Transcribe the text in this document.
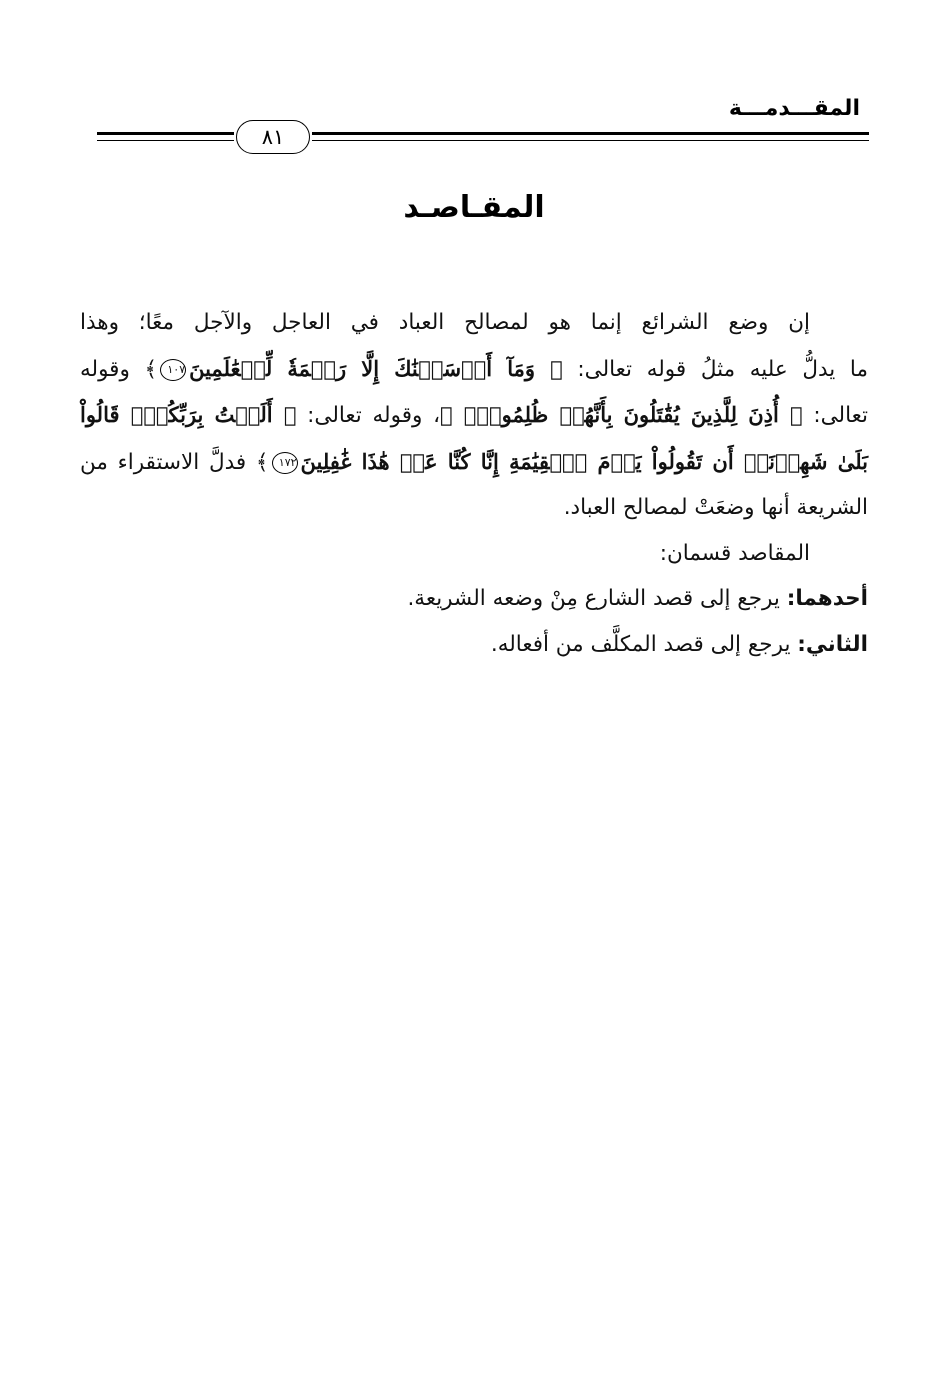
المقـــدمـــة
٨١
المقـاصـد
إن وضع الشرائع إنما هو لمصالح العباد في العاجل والآجل معًا؛ وهذا
ما يدلُّ عليه مثلُ قوله تعالى: ﴿ وَمَآ أَرۡسَلۡنَٰكَ إِلَّا رَحۡمَةٗ لِّلۡعَٰلَمِينَ١٠٧﴾ وقوله
تعالى: ﴿ أُذِنَ لِلَّذِينَ يُقَٰتَلُونَ بِأَنَّهُمۡ ظُلِمُواْۚ ﴾، وقوله تعالى: ﴿ أَلَسۡتُ بِرَبِّكُمۡۖ قَالُواْ
بَلَىٰ شَهِدۡنَآۚ أَن تَقُولُواْ يَوۡمَ ٱلۡقِيَٰمَةِ إِنَّا كُنَّا عَنۡ هَٰذَا غَٰفِلِينَ١٧٢﴾ فدلَّ الاستقراء من
الشريعة أنها وضعَتْ لمصالح العباد.
المقاصد قسمان:
أحدهما: يرجع إلى قصد الشارع مِنْ وضعه الشريعة.
الثاني: يرجع إلى قصد المكلَّف من أفعاله.
